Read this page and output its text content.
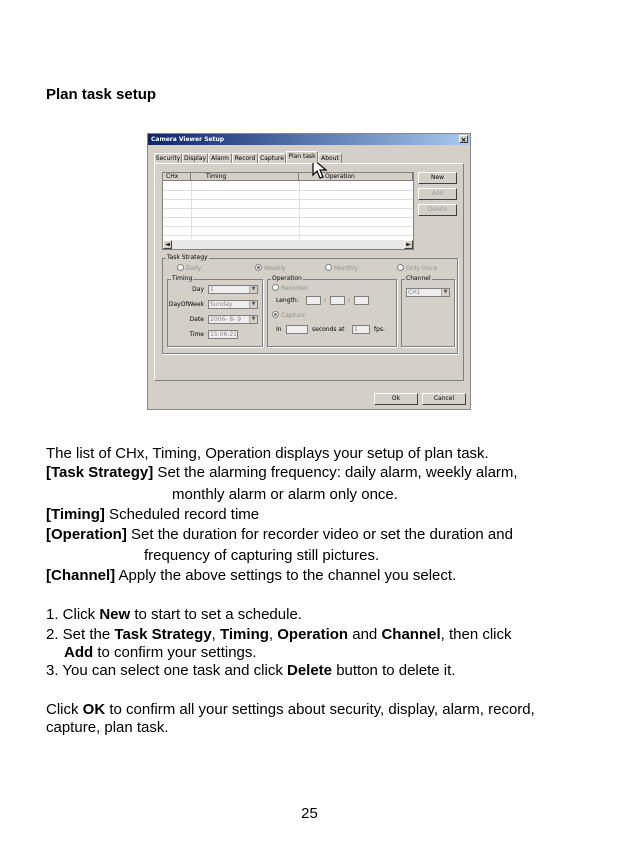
Plan task setup
Camera Viewer Setup	×
Security Display Alarm Record Capture Plan task About
CHx	Timing	Operation
◄	►
New
Add
Delete
Task Strategy
Daily	Weekly	Monthly	Only Once
Timing
Day	1	▼
DayOfWeek	Sunday	▼
Date	2006- 8- 9	▼
Time	15:06:21
Operation
Recorder
Length:	:	:
Capture
In	seconds at	1	fps.
Channel
CH1	▼
Ok	Cancel
The list of CHx, Timing, Operation displays your setup of plan task.
[Task Strategy] Set the alarming frequency: daily alarm, weekly alarm,
monthly alarm or alarm only once.
[Timing] Scheduled record time
[Operation] Set the duration for recorder video or set the duration and
frequency of capturing still pictures.
[Channel] Apply the above settings to the channel you select.
1. Click New to start to set a schedule.
2. Set the Task Strategy, Timing, Operation and Channel, then click
Add to confirm your settings.
3. You can select one task and click Delete button to delete it.
Click OK to confirm all your settings about security, display, alarm, record,
capture, plan task.
25
